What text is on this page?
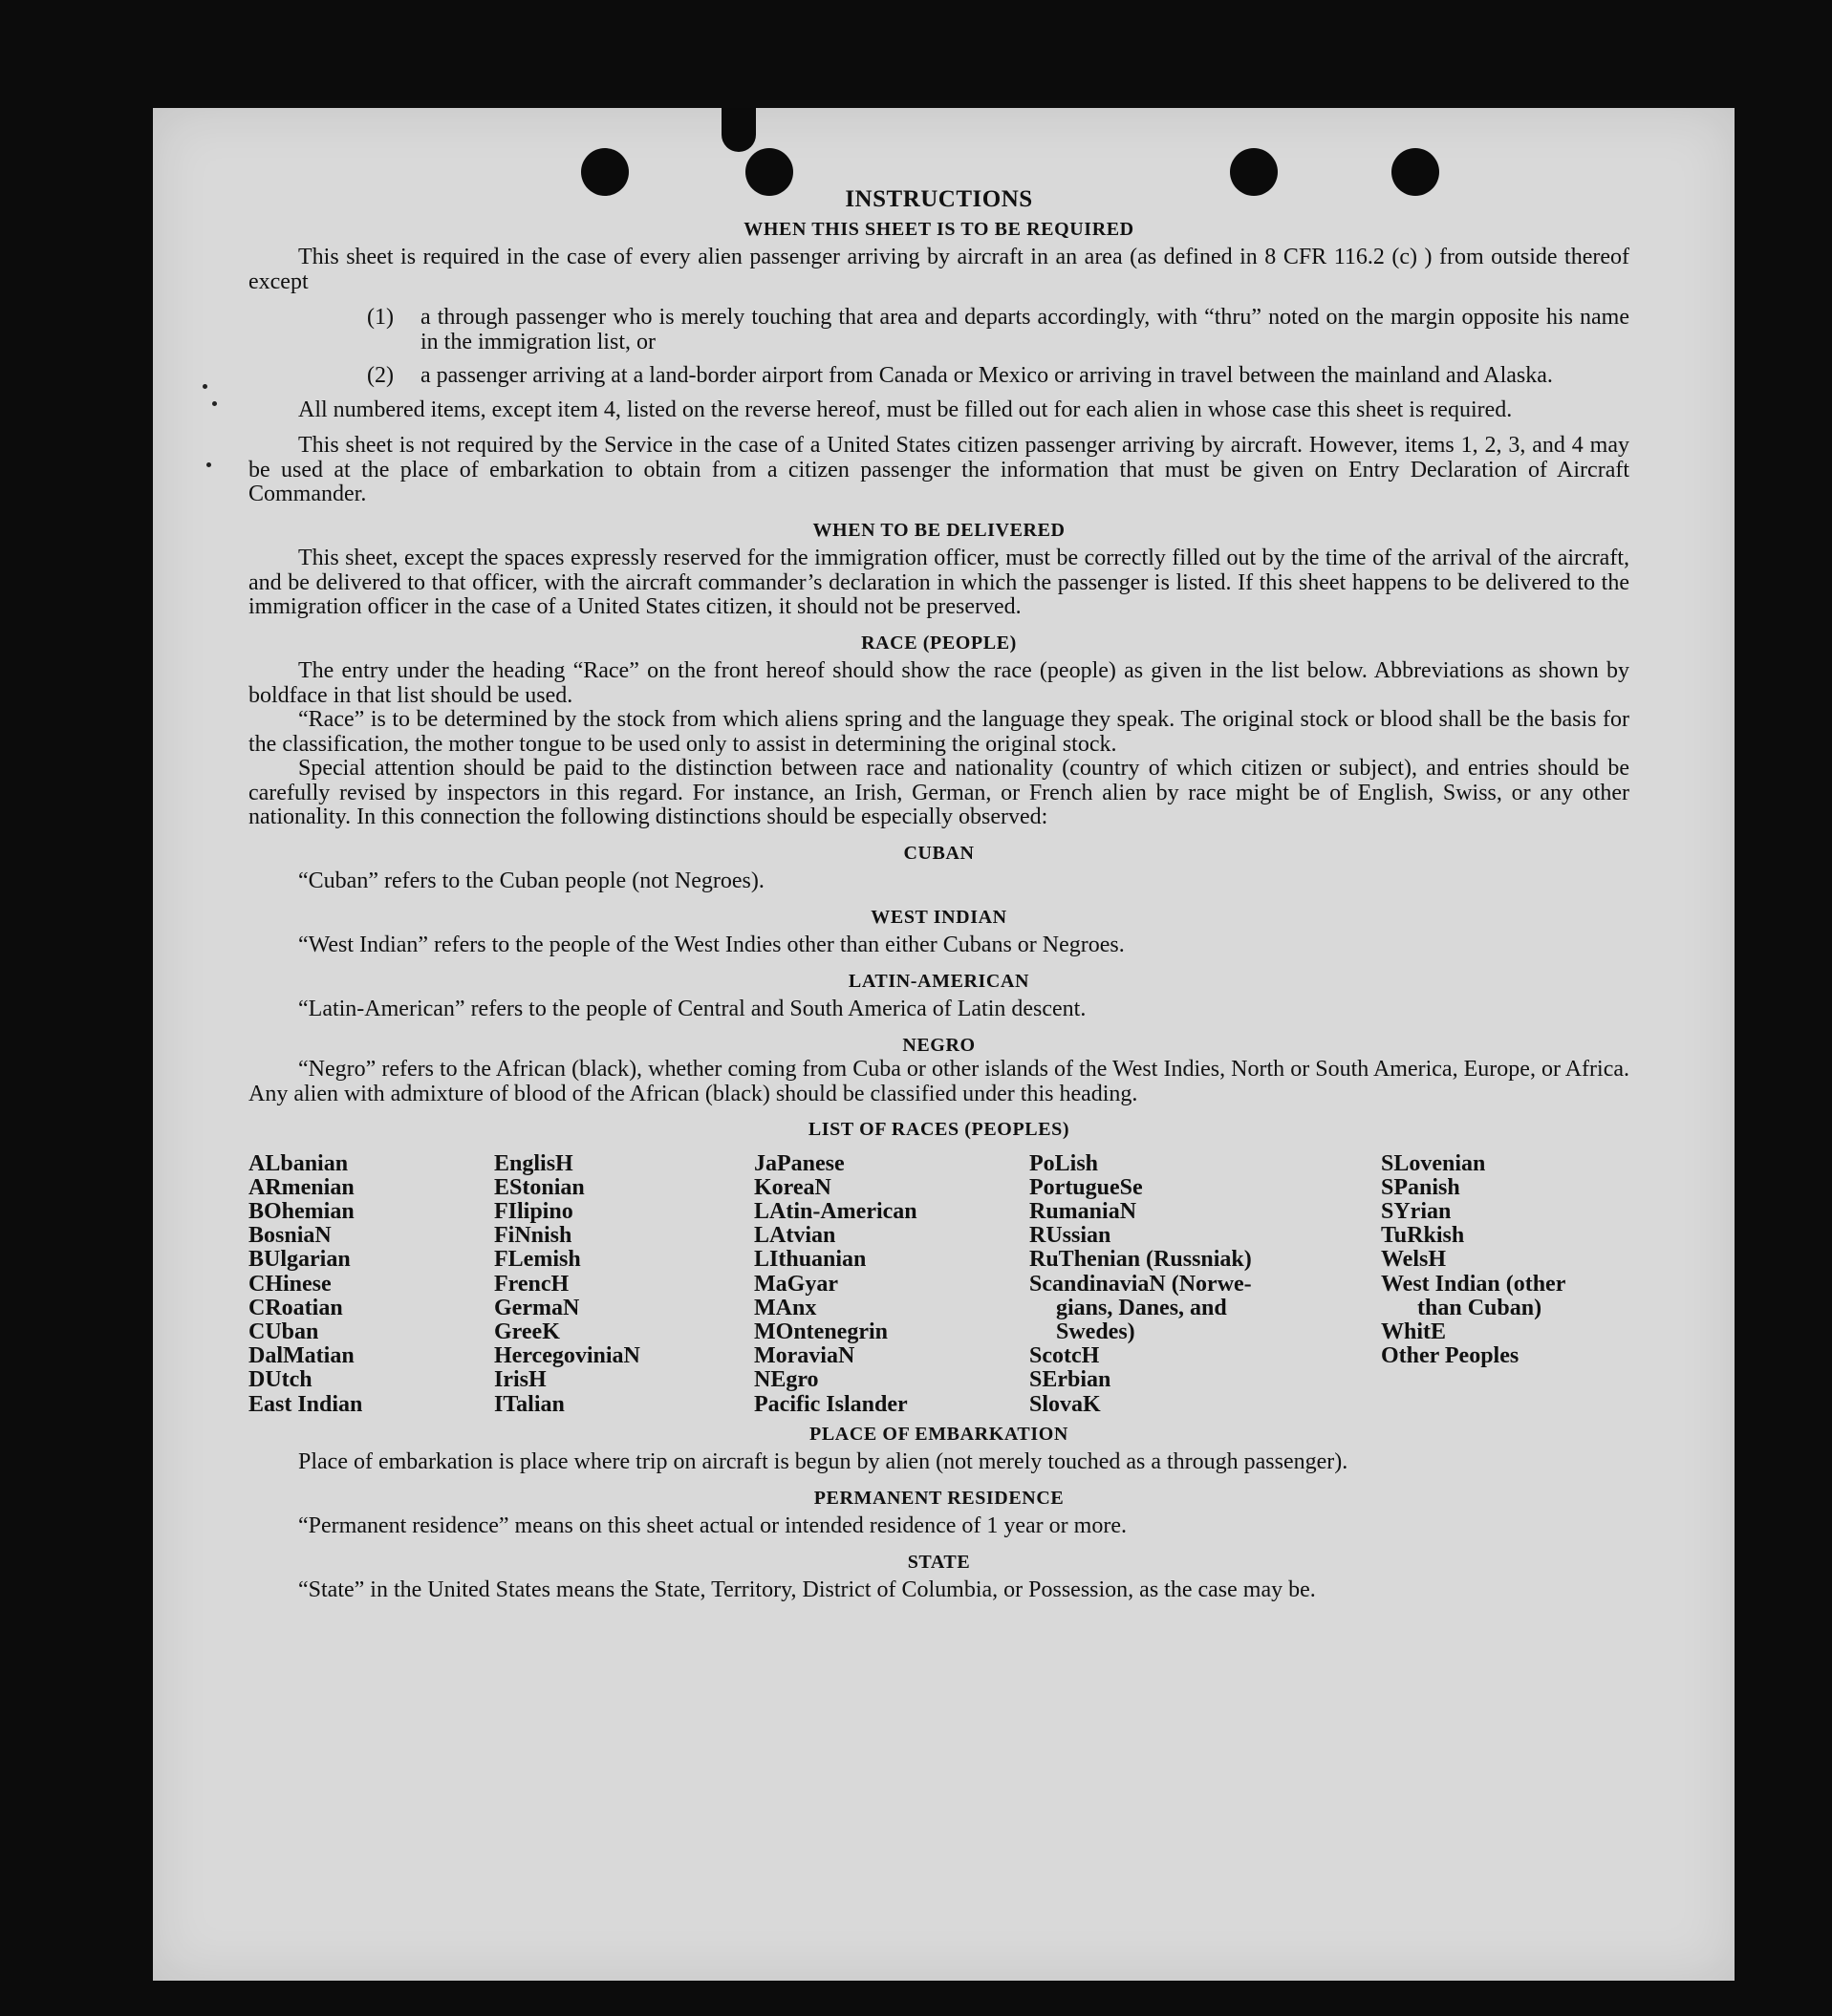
INSTRUCTIONS
WHEN THIS SHEET IS TO BE REQUIRED

This sheet is required in the case of every alien passenger arriving by aircraft in an area (as defined in 8 CFR 116.2 (c) ) from outside thereof except

(1)	a through passenger who is merely touching that area and departs accordingly, with “thru” noted on the margin opposite his name in the immigration list, or
(2)	a passenger arriving at a land-border airport from Canada or Mexico or arriving in travel between the mainland and Alaska.

All numbered items, except item 4, listed on the reverse hereof, must be filled out for each alien in whose case this sheet is required.

This sheet is not required by the Service in the case of a United States citizen passenger arriving by aircraft. However, items 1, 2, 3, and 4 may be used at the place of embarkation to obtain from a citizen passenger the information that must be given on Entry Declaration of Aircraft Commander.

WHEN TO BE DELIVERED

This sheet, except the spaces expressly reserved for the immigration officer, must be correctly filled out by the time of the arrival of the aircraft, and be delivered to that officer, with the aircraft commander’s declaration in which the passenger is listed. If this sheet happens to be delivered to the immigration officer in the case of a United States citizen, it should not be preserved.

RACE (PEOPLE)

The entry under the heading “Race” on the front hereof should show the race (people) as given in the list below. Abbreviations as shown by boldface in that list should be used.

“Race” is to be determined by the stock from which aliens spring and the language they speak. The original stock or blood shall be the basis for the classification, the mother tongue to be used only to assist in determining the original stock.

Special attention should be paid to the distinction between race and nationality (country of which citizen or subject), and entries should be carefully revised by inspectors in this regard. For instance, an Irish, German, or French alien by race might be of English, Swiss, or any other nationality. In this connection the following distinctions should be especially observed:

CUBAN

“Cuban” refers to the Cuban people (not Negroes).

WEST INDIAN

“West Indian” refers to the people of the West Indies other than either Cubans or Negroes.

LATIN-AMERICAN

“Latin-American” refers to the people of Central and South America of Latin descent.

NEGRO

“Negro” refers to the African (black), whether coming from Cuba or other islands of the West Indies, North or South America, Europe, or Africa. Any alien with admixture of blood of the African (black) should be classified under this heading.

LIST OF RACES (PEOPLES)
ALbanian
ARmenian
BOhemian
BosniaN
BUlgarian
CHinese
CRoatian
CUban
DalMatian
DUtch
East Indian
EnglisH
EStonian
FIlipino
FiNnish
FLemish
FrencH
GermaN
GreeK
HercegoviniaN
IrisH
ITalian
JaPanese
KoreaN
LAtin-American
LAtvian
LIthuanian
MaGyar
MAnx
MOntenegrin
MoraviaN
NEgro
Pacific Islander
PoLish
PortugueSe
RumaniaN
RUssian
RuThenian (Russniak)
ScandinaviaN (Norwe-
gians, Danes, and
Swedes)
ScotcH
SErbian
SlovaK
SLovenian
SPanish
SYrian
TuRkish
WelsH
West Indian (other
than Cuban)
WhitE
Other Peoples
PLACE OF EMBARKATION

Place of embarkation is place where trip on aircraft is begun by alien (not merely touched as a through passenger).

PERMANENT RESIDENCE

“Permanent residence” means on this sheet actual or intended residence of 1 year or more.

STATE

“State” in the United States means the State, Territory, District of Columbia, or Possession, as the case may be.
